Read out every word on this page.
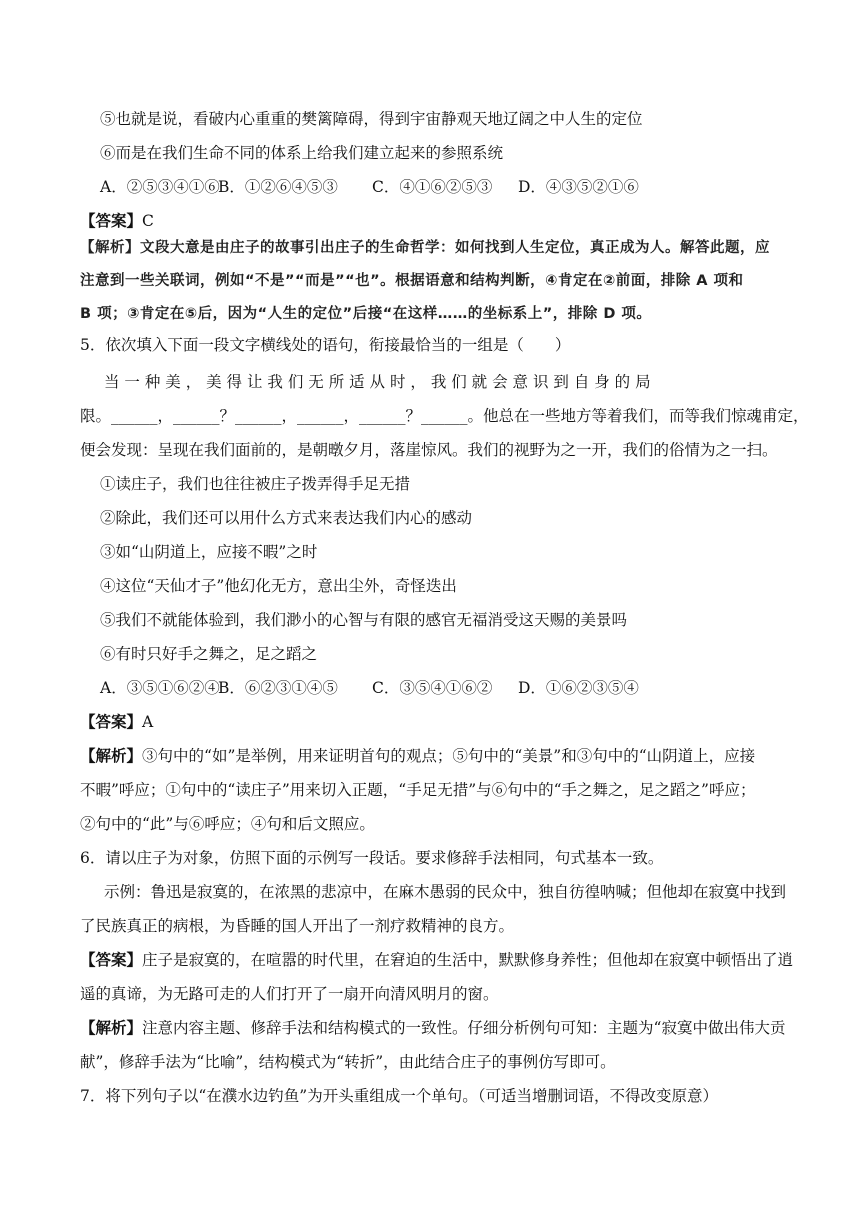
⑤也就是说，看破内心重重的樊篱障碍，得到宇宙静观天地辽阔之中人生的定位
⑥而是在我们生命不同的体系上给我们建立起来的参照系统
A．②⑤③④①⑥B．①②⑥④⑤③ C．④①⑥②⑤③ D．④③⑤②①⑥
【答案】C
【解析】文段大意是由庄子的故事引出庄子的生命哲学：如何找到人生定位，真正成为人。解答此题，应
注意到一些关联词，例如“不是”“而是”“也”。根据语意和结构判断，④肯定在②前面，排除 A 项和
B 项；③肯定在⑤后，因为“人生的定位”后接“在这样……的坐标系上”，排除 D 项。
5．依次填入下面一段文字横线处的语句，衔接最恰当的一组是（　　）
当 一 种 美 ， 美 得 让 我 们 无 所 适 从 时 ， 我 们 就 会 意 识 到 自 身 的 局
限。______，______？______，______，______？______。他总在一些地方等着我们，而等我们惊魂甫定，
便会发现：呈现在我们面前的，是朝暾夕月，落崖惊风。我们的视野为之一开，我们的俗情为之一扫。
①读庄子，我们也往往被庄子拨弄得手足无措
②除此，我们还可以用什么方式来表达我们内心的感动
③如“山阴道上，应接不暇”之时
④这位“天仙才子”他幻化无方，意出尘外，奇怪迭出
⑤我们不就能体验到，我们渺小的心智与有限的感官无福消受这天赐的美景吗
⑥有时只好手之舞之，足之蹈之
A．③⑤①⑥②④B．⑥②③①④⑤ C．③⑤④①⑥② D．①⑥②③⑤④
【答案】A
【解析】③句中的“如”是举例，用来证明首句的观点；⑤句中的“美景”和③句中的“山阴道上，应接
不暇”呼应；①句中的“读庄子”用来切入正题，“手足无措”与⑥句中的“手之舞之，足之蹈之”呼应；
②句中的“此”与⑥呼应；④句和后文照应。
6．请以庄子为对象，仿照下面的示例写一段话。要求修辞手法相同，句式基本一致。
示例：鲁迅是寂寞的，在浓黑的悲凉中，在麻木愚弱的民众中，独自彷徨呐喊；但他却在寂寞中找到
了民族真正的病根，为昏睡的国人开出了一剂疗救精神的良方。
【答案】庄子是寂寞的，在喧嚣的时代里，在窘迫的生活中，默默修身养性；但他却在寂寞中顿悟出了逍
遥的真谛，为无路可走的人们打开了一扇开向清风明月的窗。
【解析】注意内容主题、修辞手法和结构模式的一致性。仔细分析例句可知：主题为“寂寞中做出伟大贡
献”，修辞手法为“比喻”，结构模式为“转折”，由此结合庄子的事例仿写即可。
7．将下列句子以“在濮水边钓鱼”为开头重组成一个单句。（可适当增删词语，不得改变原意）
